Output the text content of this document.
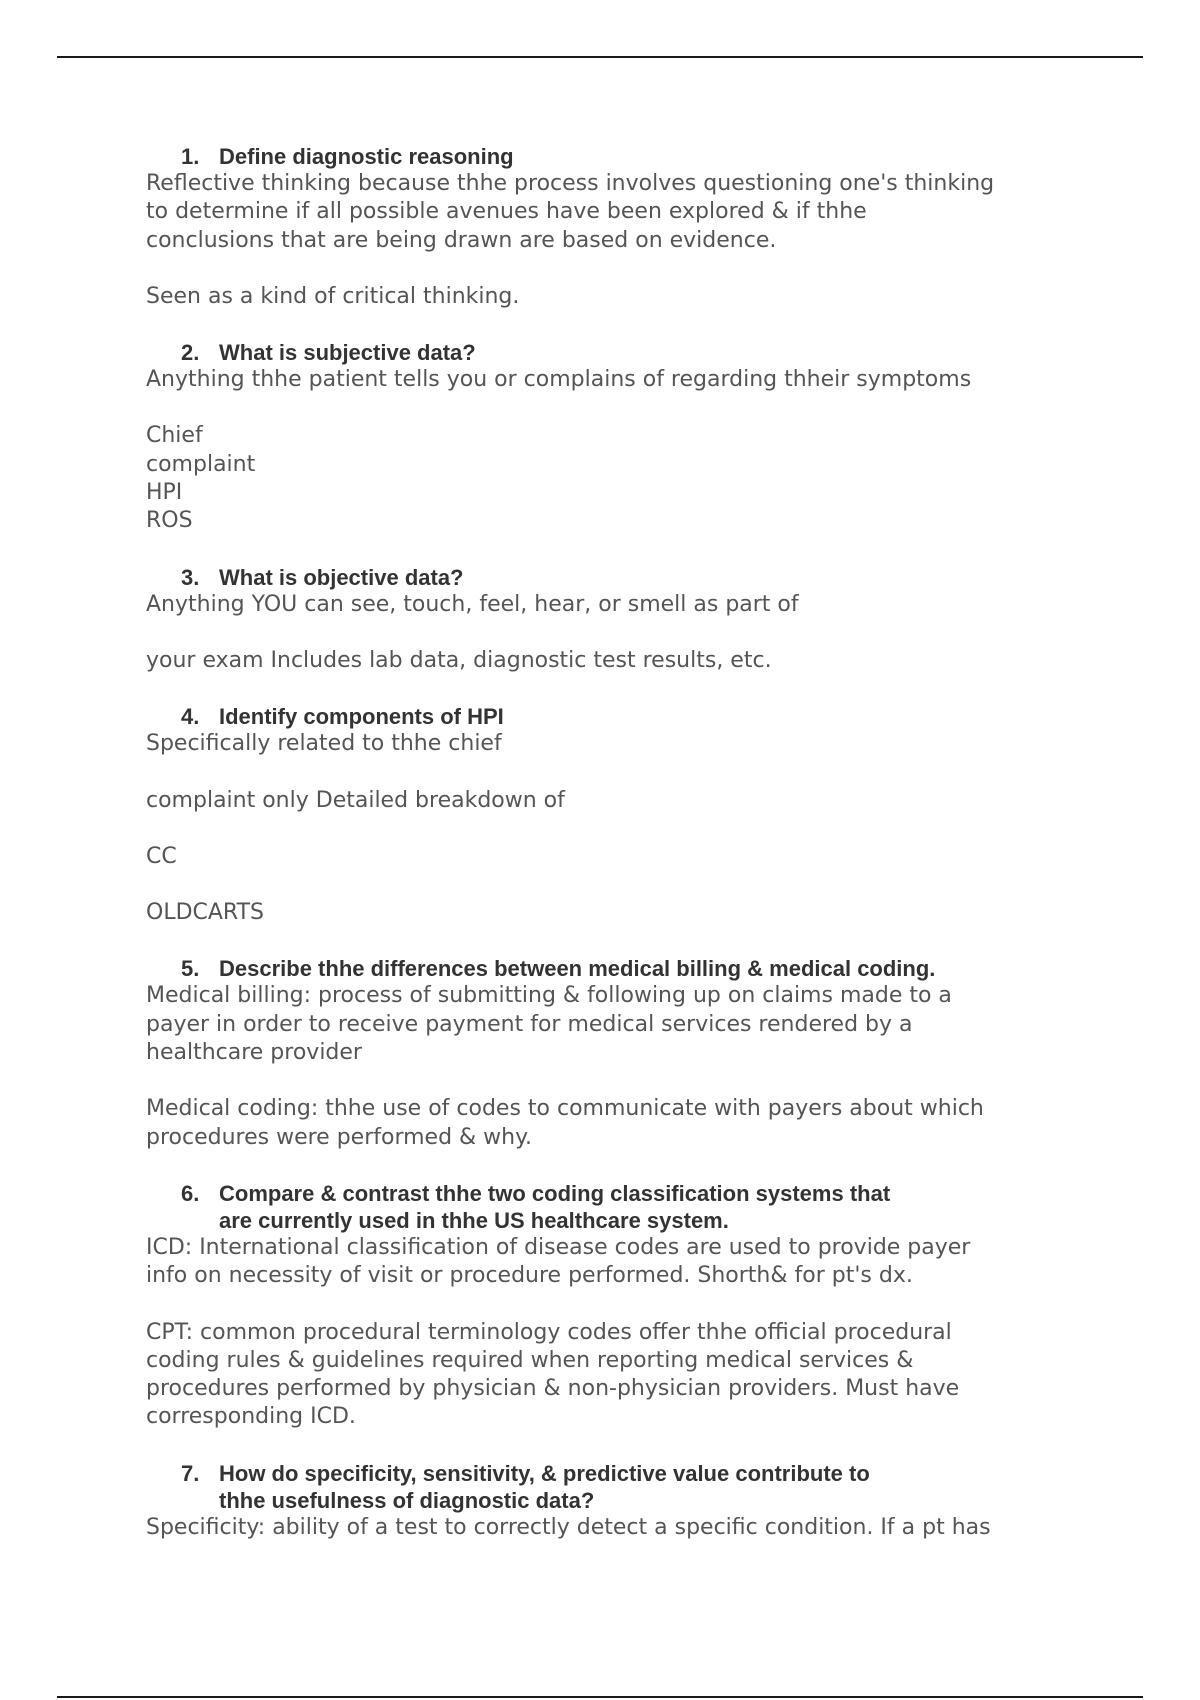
1. Define diagnostic reasoning

Reflective thinking because thhe process involves questioning one's thinking

to determine if all possible avenues have been explored & if thhe

conclusions that are being drawn are based on evidence.

Seen as a kind of critical thinking.

2. What is subjective data?

Anything thhe patient tells you or complains of regarding thheir symptoms

Chief

complaint

HPI

ROS

3. What is objective data?

Anything YOU can see, touch, feel, hear, or smell as part of

your exam Includes lab data, diagnostic test results, etc.

4. Identify components of HPI

Specifically related to thhe chief

complaint only Detailed breakdown of

CC

OLDCARTS

5. Describe thhe differences between medical billing & medical coding.

Medical billing: process of submitting & following up on claims made to a

payer in order to receive payment for medical services rendered by a

healthcare provider

Medical coding: thhe use of codes to communicate with payers about which

procedures were performed & why.

6. Compare & contrast thhe two coding classification systems that
are currently used in thhe US healthcare system.

ICD: International classification of disease codes are used to provide payer

info on necessity of visit or procedure performed. Shorth& for pt's dx.

CPT: common procedural terminology codes offer thhe official procedural

coding rules & guidelines required when reporting medical services &

procedures performed by physician & non-physician providers. Must have

corresponding ICD.

7. How do specificity, sensitivity, & predictive value contribute to
thhe usefulness of diagnostic data?

Specificity: ability of a test to correctly detect a specific condition. If a pt has
